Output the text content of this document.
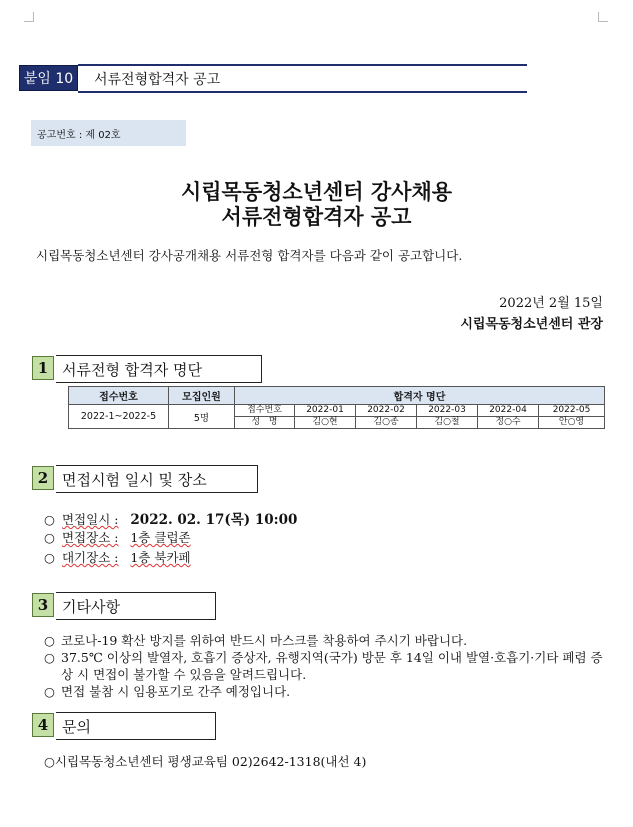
붙임 10	서류전형합격자 공고
공고번호 : 제 02호
시립목동청소년센터 강사채용
서류전형합격자 공고
시립목동청소년센터 강사공개채용 서류전형 합격자를 다음과 같이 공고합니다.
2022년 2월 15일
시립목동청소년센터 관장
1 서류전형 합격자 명단
접수번호	모집인원	합격자 명단					
2022-1~2022-5	5명	접수번호	2022-01	2022-02	2022-03	2022-04	2022-05
		성   명	김○현	김○종	김○철	정○수	안○영
2 면접시험 일시 및 장소
○ 면접일시 : 2022. 02. 17(목) 10:00
○ 면접장소 : 1층 클럽존
○ 대기장소 : 1층 북카페
3 기타사항
○ 코로나-19 확산 방지를 위하여 반드시 마스크를 착용하여 주시기 바랍니다.
○ 37.5℃ 이상의 발열자, 호흡기 증상자, 유행지역(국가) 방문 후 14일 이내 발열·호흡기·기타 폐렴 증상 시 면접이 불가할 수 있음을 알려드립니다.
○ 면접 불참 시 임용포기로 간주 예정입니다.
4 문의
○시립목동청소년센터 평생교육팀 02)2642-1318(내선 4)
